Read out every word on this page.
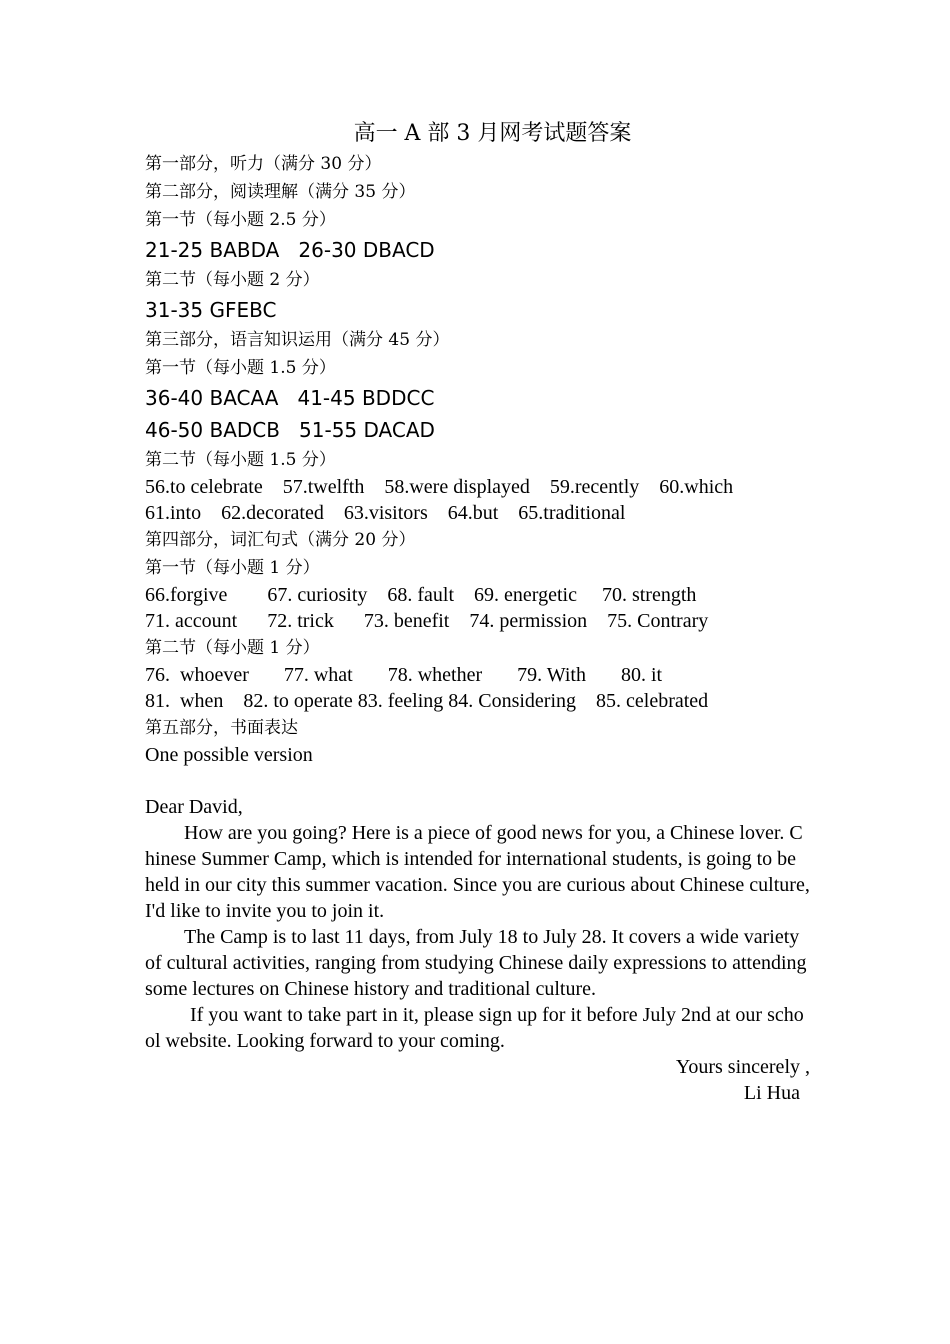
高一 A 部 3 月网考试题答案
第一部分，听力（满分 30 分）
第二部分，阅读理解（满分 35 分）
第一节（每小题 2.5 分）
21-25 BABDA   26-30 DBACD
第二节（每小题 2 分）
31-35 GFEBC
第三部分，语言知识运用（满分 45 分）
第一节（每小题 1.5 分）
36-40 BACAA   41-45 BDDCC
46-50 BADCB   51-55 DACAD
第二节（每小题 1.5 分）
56.to celebrate    57.twelfth    58.were displayed    59.recently    60.which
61.into    62.decorated    63.visitors    64.but    65.traditional
第四部分，词汇句式（满分 20 分）
第一节（每小题 1 分）
66.forgive        67. curiosity    68. fault    69. energetic     70. strength
71. account      72. trick      73. benefit    74. permission    75. Contrary
第二节（每小题 1 分）
76.  whoever       77. what       78. whether       79. With       80. it
81.  when    82. to operate 83. feeling 84. Considering    85. celebrated
第五部分，书面表达

One possible version

Dear David,

How are you going? Here is a piece of good news for you, a Chinese lover. Chinese Summer Camp, which is intended for international students, is going to be held in our city this summer vacation. Since you are curious about Chinese culture, I'd like to invite you to join it.

The Camp is to last 11 days, from July 18 to July 28. It covers a wide variety of cultural activities, ranging from studying Chinese daily expressions to attending some lectures on Chinese history and traditional culture.

If you want to take part in it, please sign up for it before July 2nd at our school website. Looking forward to your coming.

Yours sincerely ,

Li Hua
